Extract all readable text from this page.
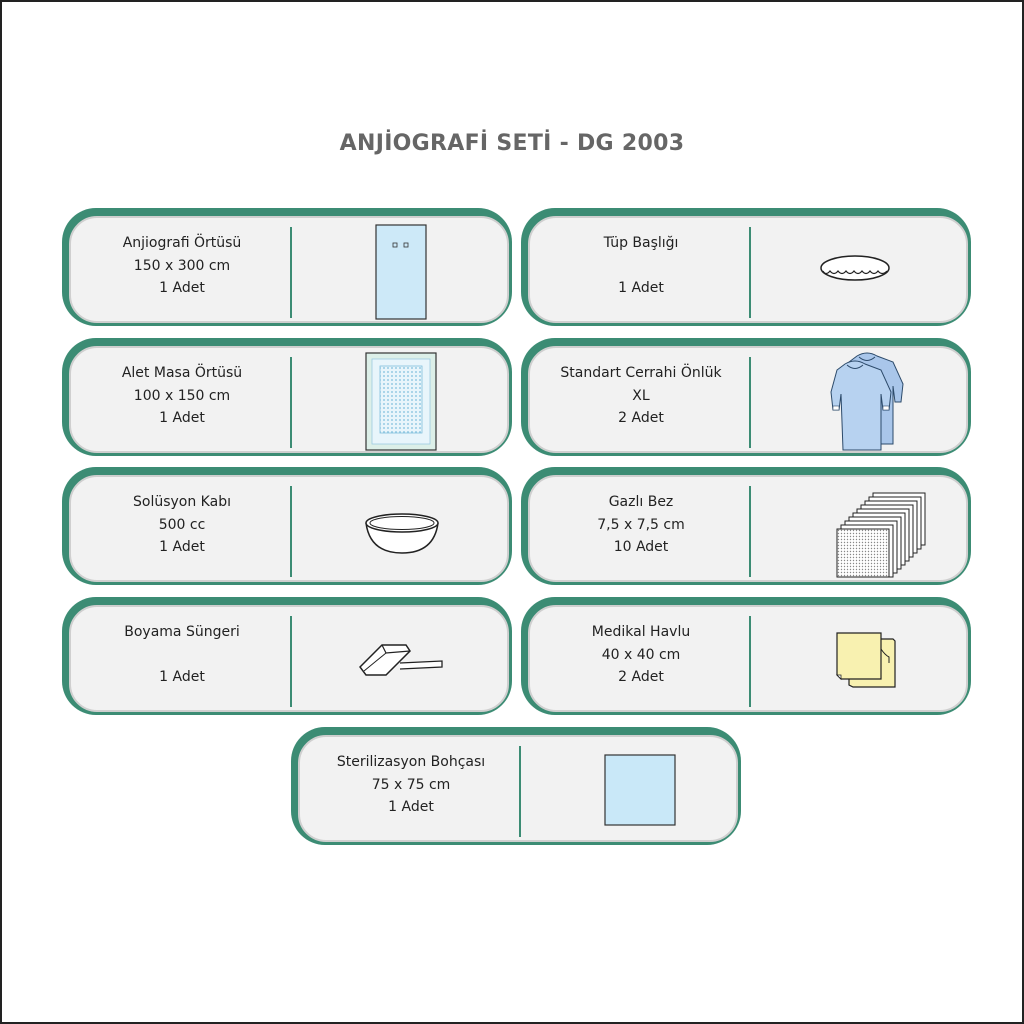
ANJİOGRAFİ SETİ - DG 2003
Anjiografi Örtüsü
150 x 300 cm
1 Adet
Tüp Başlığı
1 Adet
Alet Masa Örtüsü
100 x 150 cm
1 Adet
Standart Cerrahi Önlük
XL
2 Adet
Solüsyon Kabı
500 cc
1 Adet
Gazlı Bez
7,5 x 7,5 cm
10 Adet
Boyama Süngeri
1 Adet
Medikal Havlu
40 x 40 cm
2 Adet
Sterilizasyon Bohçası
75 x 75 cm
1 Adet
